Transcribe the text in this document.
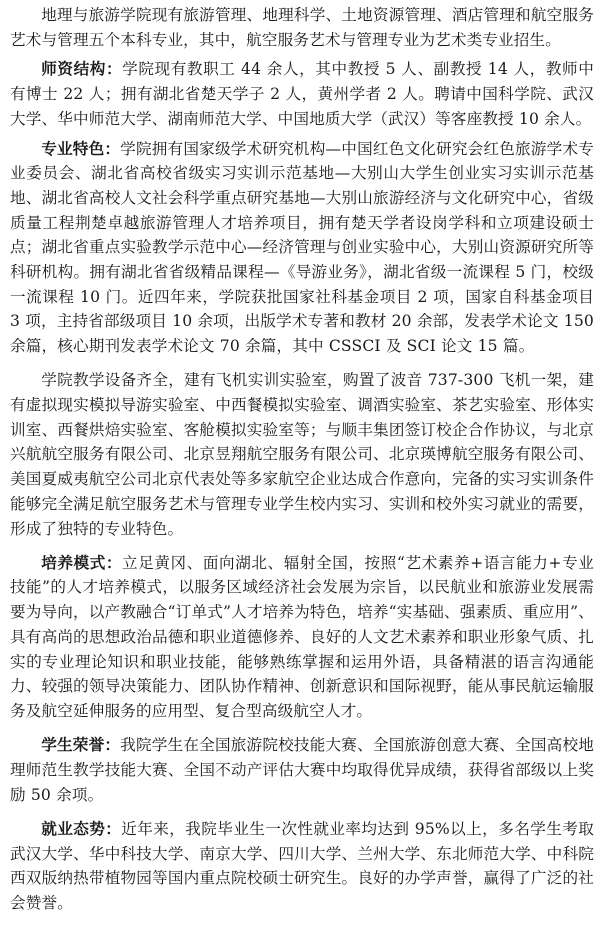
地理与旅游学院现有旅游管理、地理科学、土地资源管理、酒店管理和航空服务艺术与管理五个本科专业，其中，航空服务艺术与管理专业为艺术类专业招生。

师资结构：学院现有教职工 44 余人，其中教授 5 人、副教授 14 人，教师中有博士 22 人；拥有湖北省楚天学子 2 人，黄州学者 2 人。聘请中国科学院、武汉大学、华中师范大学、湖南师范大学、中国地质大学（武汉）等客座教授 10 余人。

专业特色：学院拥有国家级学术研究机构—中国红色文化研究会红色旅游学术专业委员会、湖北省高校省级实习实训示范基地—大别山大学生创业实习实训示范基地、湖北省高校人文社会科学重点研究基地—大别山旅游经济与文化研究中心，省级质量工程荆楚卓越旅游管理人才培养项目，拥有楚天学者设岗学科和立项建设硕士点；湖北省重点实验教学示范中心—经济管理与创业实验中心，大别山资源研究所等科研机构。拥有湖北省省级精品课程—《导游业务》，湖北省级一流课程 5 门，校级一流课程 10 门。近四年来，学院获批国家社科基金项目 2 项，国家自科基金项目 3 项，主持省部级项目 10 余项，出版学术专著和教材 20 余部，发表学术论文 150 余篇，核心期刊发表学术论文 70 余篇，其中 CSSCI 及 SCI 论文 15 篇。

学院教学设备齐全，建有飞机实训实验室，购置了波音 737-300 飞机一架，建有虚拟现实模拟导游实验室、中西餐模拟实验室、调酒实验室、茶艺实验室、形体实训室、西餐烘焙实验室、客舱模拟实验室等；与顺丰集团签订校企合作协议，与北京兴航航空服务有限公司、北京昱翔航空服务有限公司、北京瑛博航空服务有限公司、美国夏威夷航空公司北京代表处等多家航空企业达成合作意向，完备的实习实训条件能够完全满足航空服务艺术与管理专业学生校内实习、实训和校外实习就业的需要，形成了独特的专业特色。

培养模式：立足黄冈、面向湖北、辐射全国，按照“艺术素养+语言能力+专业技能”的人才培养模式，以服务区域经济社会发展为宗旨，以民航业和旅游业发展需要为导向，以产教融合“订单式”人才培养为特色，培养“实基础、强素质、重应用”、具有高尚的思想政治品德和职业道德修养、良好的人文艺术素养和职业形象气质、扎实的专业理论知识和职业技能，能够熟练掌握和运用外语，具备精湛的语言沟通能力、较强的领导决策能力、团队协作精神、创新意识和国际视野，能从事民航运输服务及航空延伸服务的应用型、复合型高级航空人才。

学生荣誉：我院学生在全国旅游院校技能大赛、全国旅游创意大赛、全国高校地理师范生教学技能大赛、全国不动产评估大赛中均取得优异成绩，获得省部级以上奖励 50 余项。

就业态势：近年来，我院毕业生一次性就业率均达到 95%以上，多名学生考取武汉大学、华中科技大学、南京大学、四川大学、兰州大学、东北师范大学、中科院西双版纳热带植物园等国内重点院校硕士研究生。良好的办学声誉，赢得了广泛的社会赞誉。
